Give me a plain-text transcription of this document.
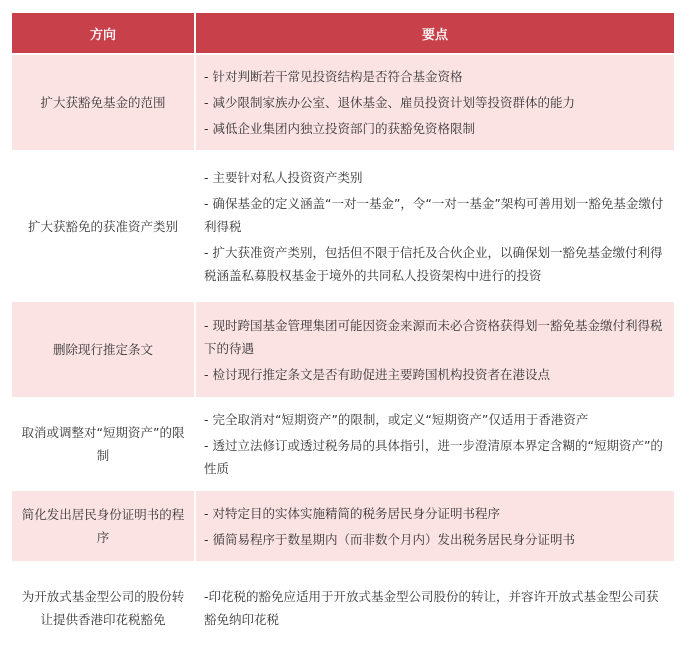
方向	要点
扩大获豁免基金的范围	- 针对判断若干常见投资结构是否符合基金资格
- 减少限制家族办公室、退休基金、雇员投资计划等投资群体的能力
- 减低企业集团内独立投资部门的获豁免资格限制

扩大获豁免的获准资产类别	- 主要针对私人投资资产类别
- 确保基金的定义涵盖“一对一基金”，令“一对一基金”架构可善用划一豁免基金缴付利得税
- 扩大获准资产类别，包括但不限于信托及合伙企业，以确保划一豁免基金缴付利得税涵盖私募股权基金于境外的共同私人投资架构中进行的投资

删除现行推定条文	- 现时跨国基金管理集团可能因资金来源而未必合资格获得划一豁免基金缴付利得税下的待遇
- 检讨现行推定条文是否有助促进主要跨国机构投资者在港设点

取消或调整对“短期资产”的限制	- 完全取消对“短期资产”的限制，或定义“短期资产”仅适用于香港资产
- 透过立法修订或透过税务局的具体指引，进一步澄清原本界定含糊的“短期资产”的性质

简化发出居民身份证明书的程序	- 对特定目的实体实施精简的税务居民身分证明书程序
- 循简易程序于数星期内（而非数个月内）发出税务居民身分证明书

为开放式基金型公司的股份转让提供香港印花税豁免	-印花税的豁免应适用于开放式基金型公司股份的转让，并容许开放式基金型公司获豁免纳印花税
